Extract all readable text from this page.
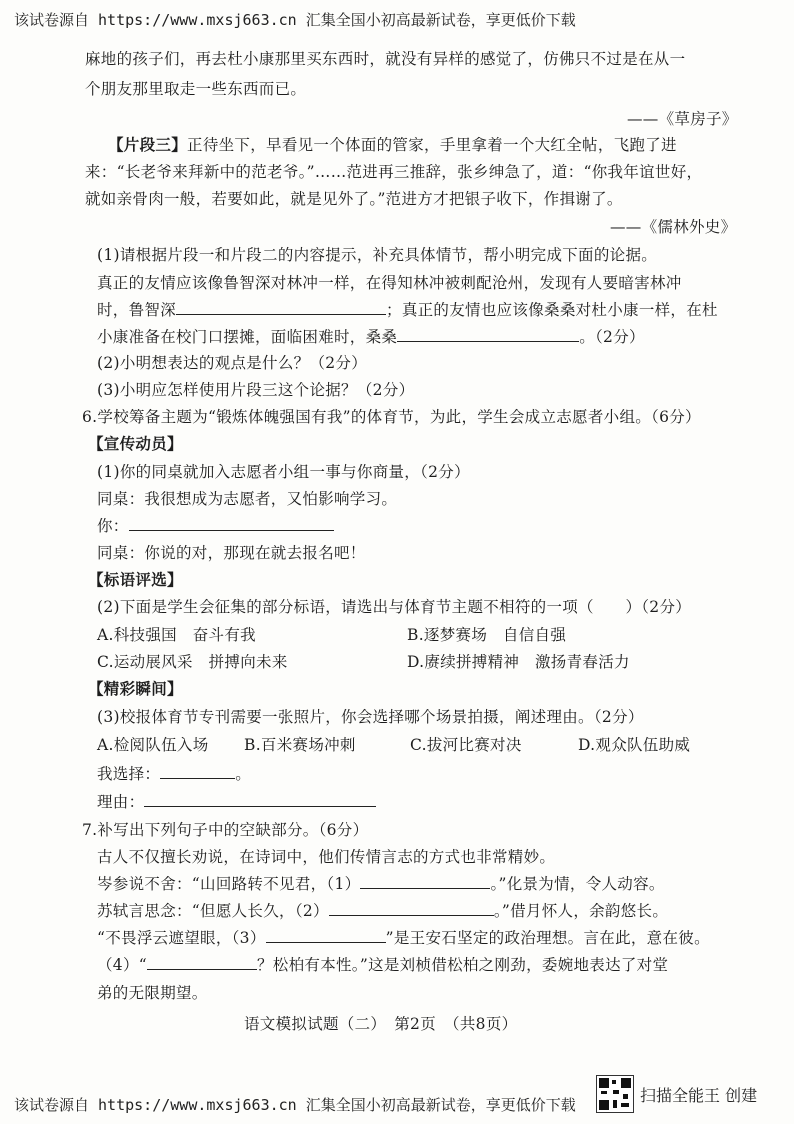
该试卷源自 https://www.mxsj663.cn 汇集全国小初高最新试卷，享更低价下载
麻地的孩子们，再去杜小康那里买东西时，就没有异样的感觉了，仿佛只不过是在从一
个朋友那里取走一些东西而已。
——《草房子》
【片段三】正待坐下，早看见一个体面的管家，手里拿着一个大红全帖，飞跑了进
来：“长老爷来拜新中的范老爷。”……范进再三推辞，张乡绅急了，道：“你我年谊世好，
就如亲骨肉一般，若要如此，就是见外了。”范进方才把银子收下，作揖谢了。
——《儒林外史》
(1)请根据片段一和片段二的内容提示，补充具体情节，帮小明完成下面的论据。
真正的友情应该像鲁智深对林冲一样，在得知林冲被刺配沧州，发现有人要暗害林冲
时，鲁智深	；真正的友情也应该像桑桑对杜小康一样，在杜
小康准备在校门口摆摊，面临困难时，桑桑	。（2分）
(2)小明想表达的观点是什么？（2分）
(3)小明应怎样使用片段三这个论据？（2分）
6.学校筹备主题为“锻炼体魄强国有我”的体育节，为此，学生会成立志愿者小组。（6分）
【宣传动员】
(1)你的同桌就加入志愿者小组一事与你商量，（2分）
同桌：我很想成为志愿者，又怕影响学习。
你：
同桌：你说的对，那现在就去报名吧！
【标语评选】
(2)下面是学生会征集的部分标语，请选出与体育节主题不相符的一项（　　）（2分）
A.科技强国　奋斗有我	B.逐梦赛场　自信自强
C.运动展风采　拼搏向未来	D.赓续拼搏精神　激扬青春活力
【精彩瞬间】
(3)校报体育节专刊需要一张照片，你会选择哪个场景拍摄，阐述理由。（2分）
A.检阅队伍入场 B.百米赛场冲刺	C.拔河比赛对决	D.观众队伍助威
我选择：	。
理由：
7.补写出下列句子中的空缺部分。（6分）
古人不仅擅长劝说，在诗词中，他们传情言志的方式也非常精妙。
岑参说不舍：“山回路转不见君，（1）	。”化景为情，令人动容。
苏轼言思念：“但愿人长久，（2）	。”借月怀人，余韵悠长。
“不畏浮云遮望眼，（3）	”是王安石坚定的政治理想。言在此，意在彼。
（4）“	？松柏有本性。”这是刘桢借松柏之刚劲，委婉地表达了对堂
弟的无限期望。
语文模拟试题（二）　第2页　（共8页）
该试卷源自 https://www.mxsj663.cn 汇集全国小初高最新试卷，享更低价下载	扫描全能王 创建
